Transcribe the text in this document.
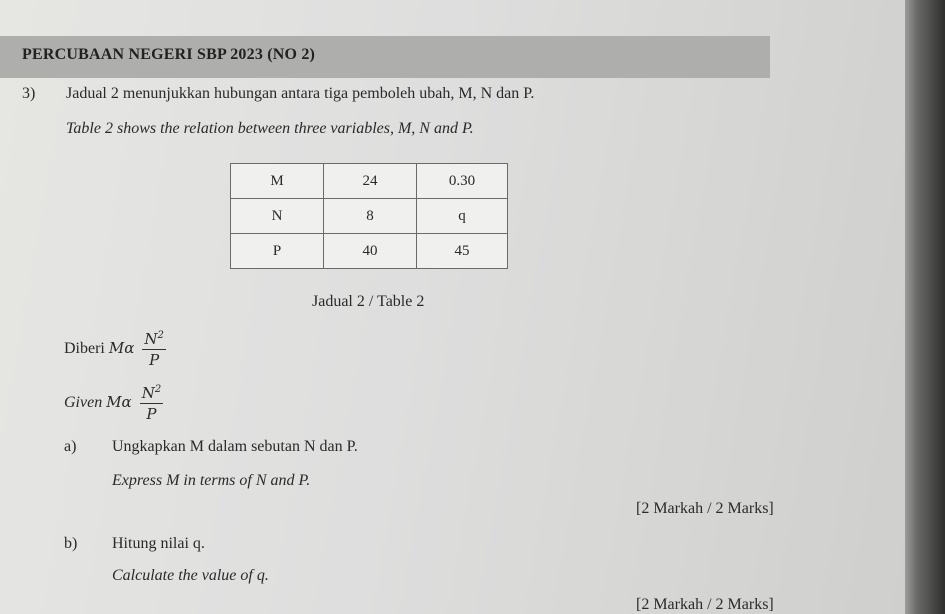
PERCUBAAN NEGERI SBP 2023 (NO 2)
3) Jadual 2 menunjukkan hubungan antara tiga pemboleh ubah, M, N dan P.
Table 2 shows the relation between three variables, M, N and P.
M	24	0.30
N	8	q
P	40	45
Jadual 2 / Table 2
Diberi Mα $\frac{N^2}{P}$
Given Mα $\frac{N^2}{P}$
a) Ungkapkan M dalam sebutan N dan P.
Express M in terms of N and P.
[2 Markah / 2 Marks]
b) Hitung nilai q.
Calculate the value of q.
[2 Markah / 2 Marks]
